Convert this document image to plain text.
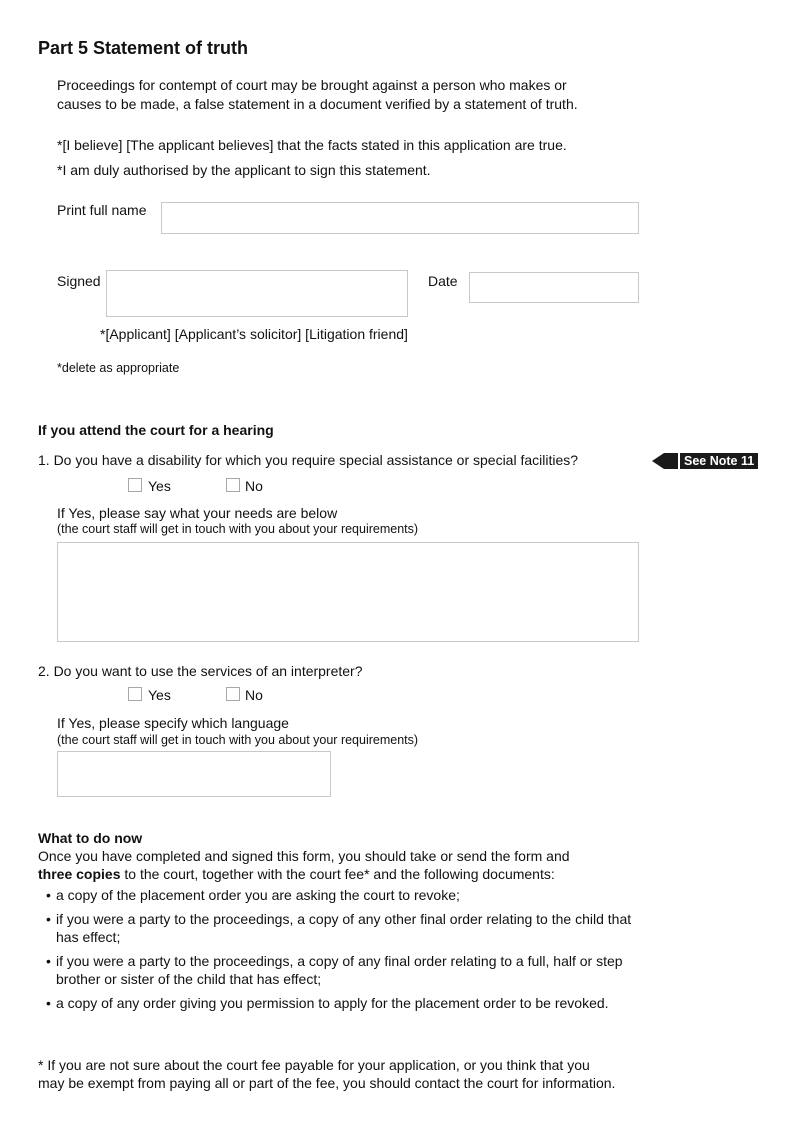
Part 5 Statement of truth
Proceedings for contempt of court may be brought against a person who makes or
causes to be made, a false statement in a document verified by a statement of truth.
*[I believe] [The applicant believes] that the facts stated in this application are true.
*I am duly authorised by the applicant to sign this statement.
Print full name
Signed	Date
*[Applicant] [Applicant’s solicitor] [Litigation friend]
*delete as appropriate
If you attend the court for a hearing
1. Do you have a disability for which you require special assistance or special facilities?	See Note 11
Yes	No
If Yes, please say what your needs are below
(the court staff will get in touch with you about your requirements)
2. Do you want to use the services of an interpreter?
Yes	No
If Yes, please specify which language
(the court staff will get in touch with you about your requirements)
What to do now
Once you have completed and signed this form, you should take or send the form and
three copies to the court, together with the court fee* and the following documents:
• a copy of the placement order you are asking the court to revoke;
• if you were a party to the proceedings, a copy of any other final order relating to the child that has effect;
• if you were a party to the proceedings, a copy of any final order relating to a full, half or step brother or sister of the child that has effect;
• a copy of any order giving you permission to apply for the placement order to be revoked.
* If you are not sure about the court fee payable for your application, or you think that you
may be exempt from paying all or part of the fee, you should contact the court for information.
